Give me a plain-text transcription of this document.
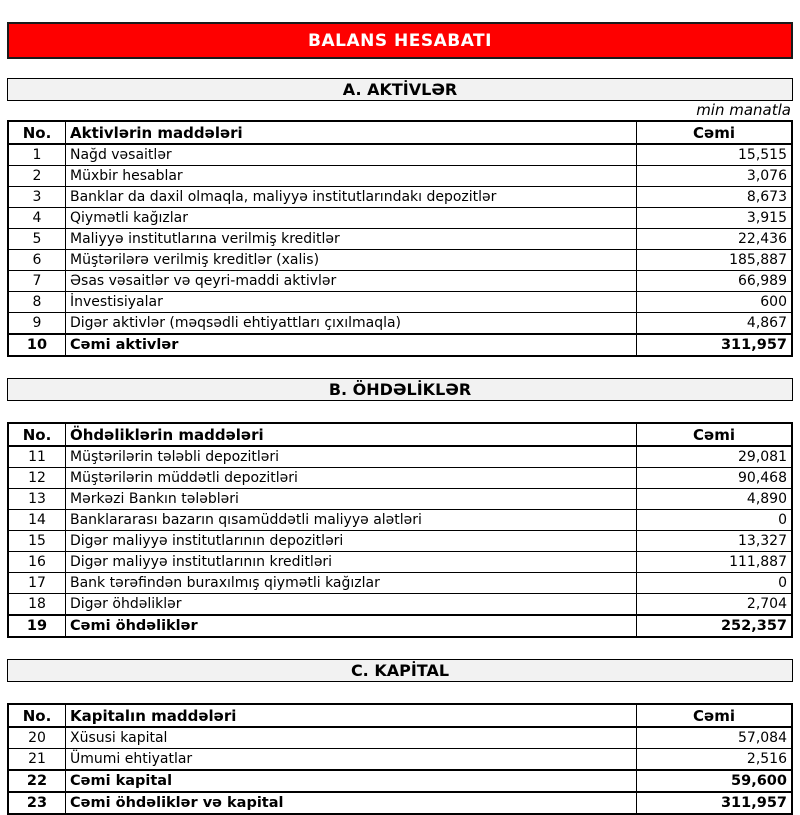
BALANS HESABATI
A. AKTİVLƏR
min manatla
No.	Aktivlərin maddələri	Cəmi
1	Nağd vəsaitlər	15,515
2	Müxbir hesablar	3,076
3	Banklar da daxil olmaqla, maliyyə institutlarındakı depozitlər	8,673
4	Qiymətli kağızlar	3,915
5	Maliyyə institutlarına verilmiş kreditlər	22,436
6	Müştərilərə verilmiş kreditlər (xalis)	185,887
7	Əsas vəsaitlər və qeyri-maddi aktivlər	66,989
8	İnvestisiyalar	600
9	Digər aktivlər (məqsədli ehtiyattları çıxılmaqla)	4,867
10	Cəmi aktivlər	311,957
B. ÖHDƏLİKLƏR
No.	Öhdəliklərin maddələri	Cəmi
11	Müştərilərin tələbli depozitləri	29,081
12	Müştərilərin müddətli depozitləri	90,468
13	Mərkəzi Bankın tələbləri	4,890
14	Banklararası bazarın qısamüddətli maliyyə alətləri	0
15	Digər maliyyə institutlarının depozitləri	13,327
16	Digər maliyyə institutlarının kreditləri	111,887
17	Bank tərəfindən buraxılmış qiymətli kağızlar	0
18	Digər öhdəliklər	2,704
19	Cəmi öhdəliklər	252,357
C. KAPİTAL
No.	Kapitalın maddələri	Cəmi
20	Xüsusi kapital	57,084
21	Ümumi ehtiyatlar	2,516
22	Cəmi kapital	59,600
23	Cəmi öhdəliklər və kapital	311,957
